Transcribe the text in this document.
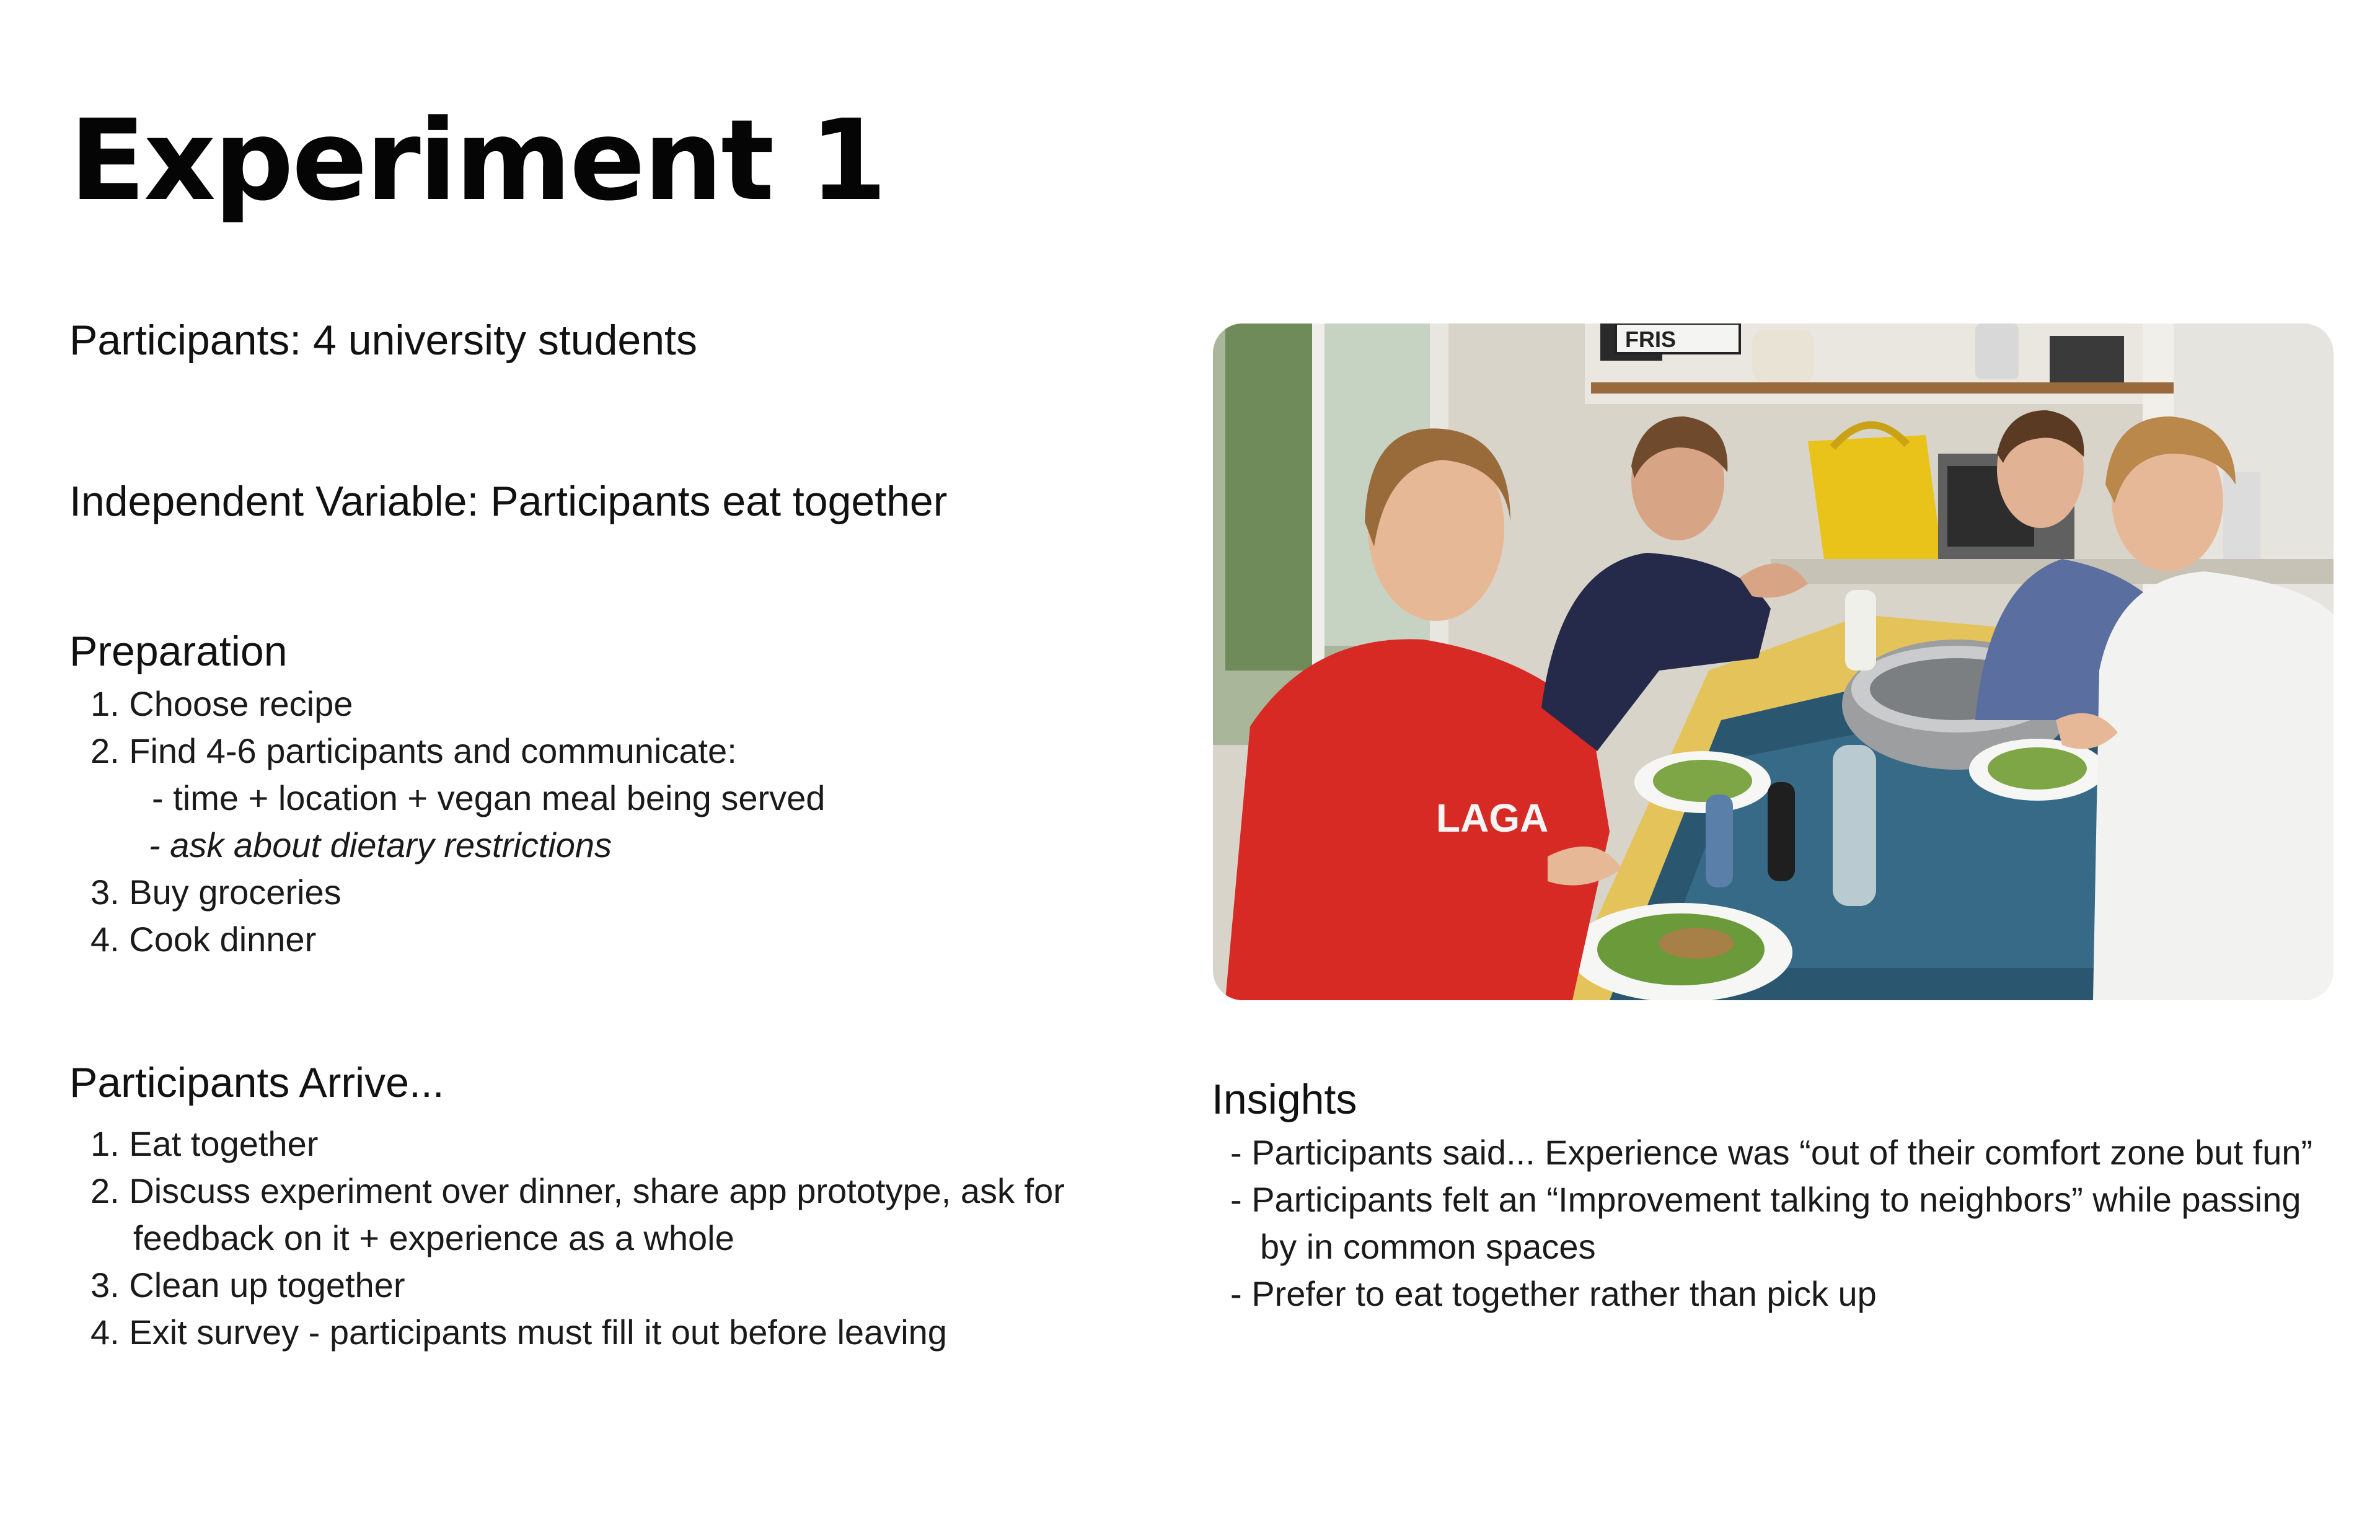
Experiment 1

Participants: 4 university students

Independent Variable: Participants eat together

Preparation

1. Choose recipe

2. Find 4-6 participants and communicate:

- time + location + vegan meal being served

- ask about dietary restrictions

3. Buy groceries

4. Cook dinner

Participants Arrive...

1. Eat together

2. Discuss experiment over dinner, share app prototype, ask for

feedback on it + experience as a whole

3. Clean up together

4. Exit survey - participants must fill it out before leaving

FRIS
LAGA
Insights

- Participants said... Experience was “out of their comfort zone but fun”

- Participants felt an “Improvement talking to neighbors” while passing

by in common spaces

- Prefer to eat together rather than pick up
